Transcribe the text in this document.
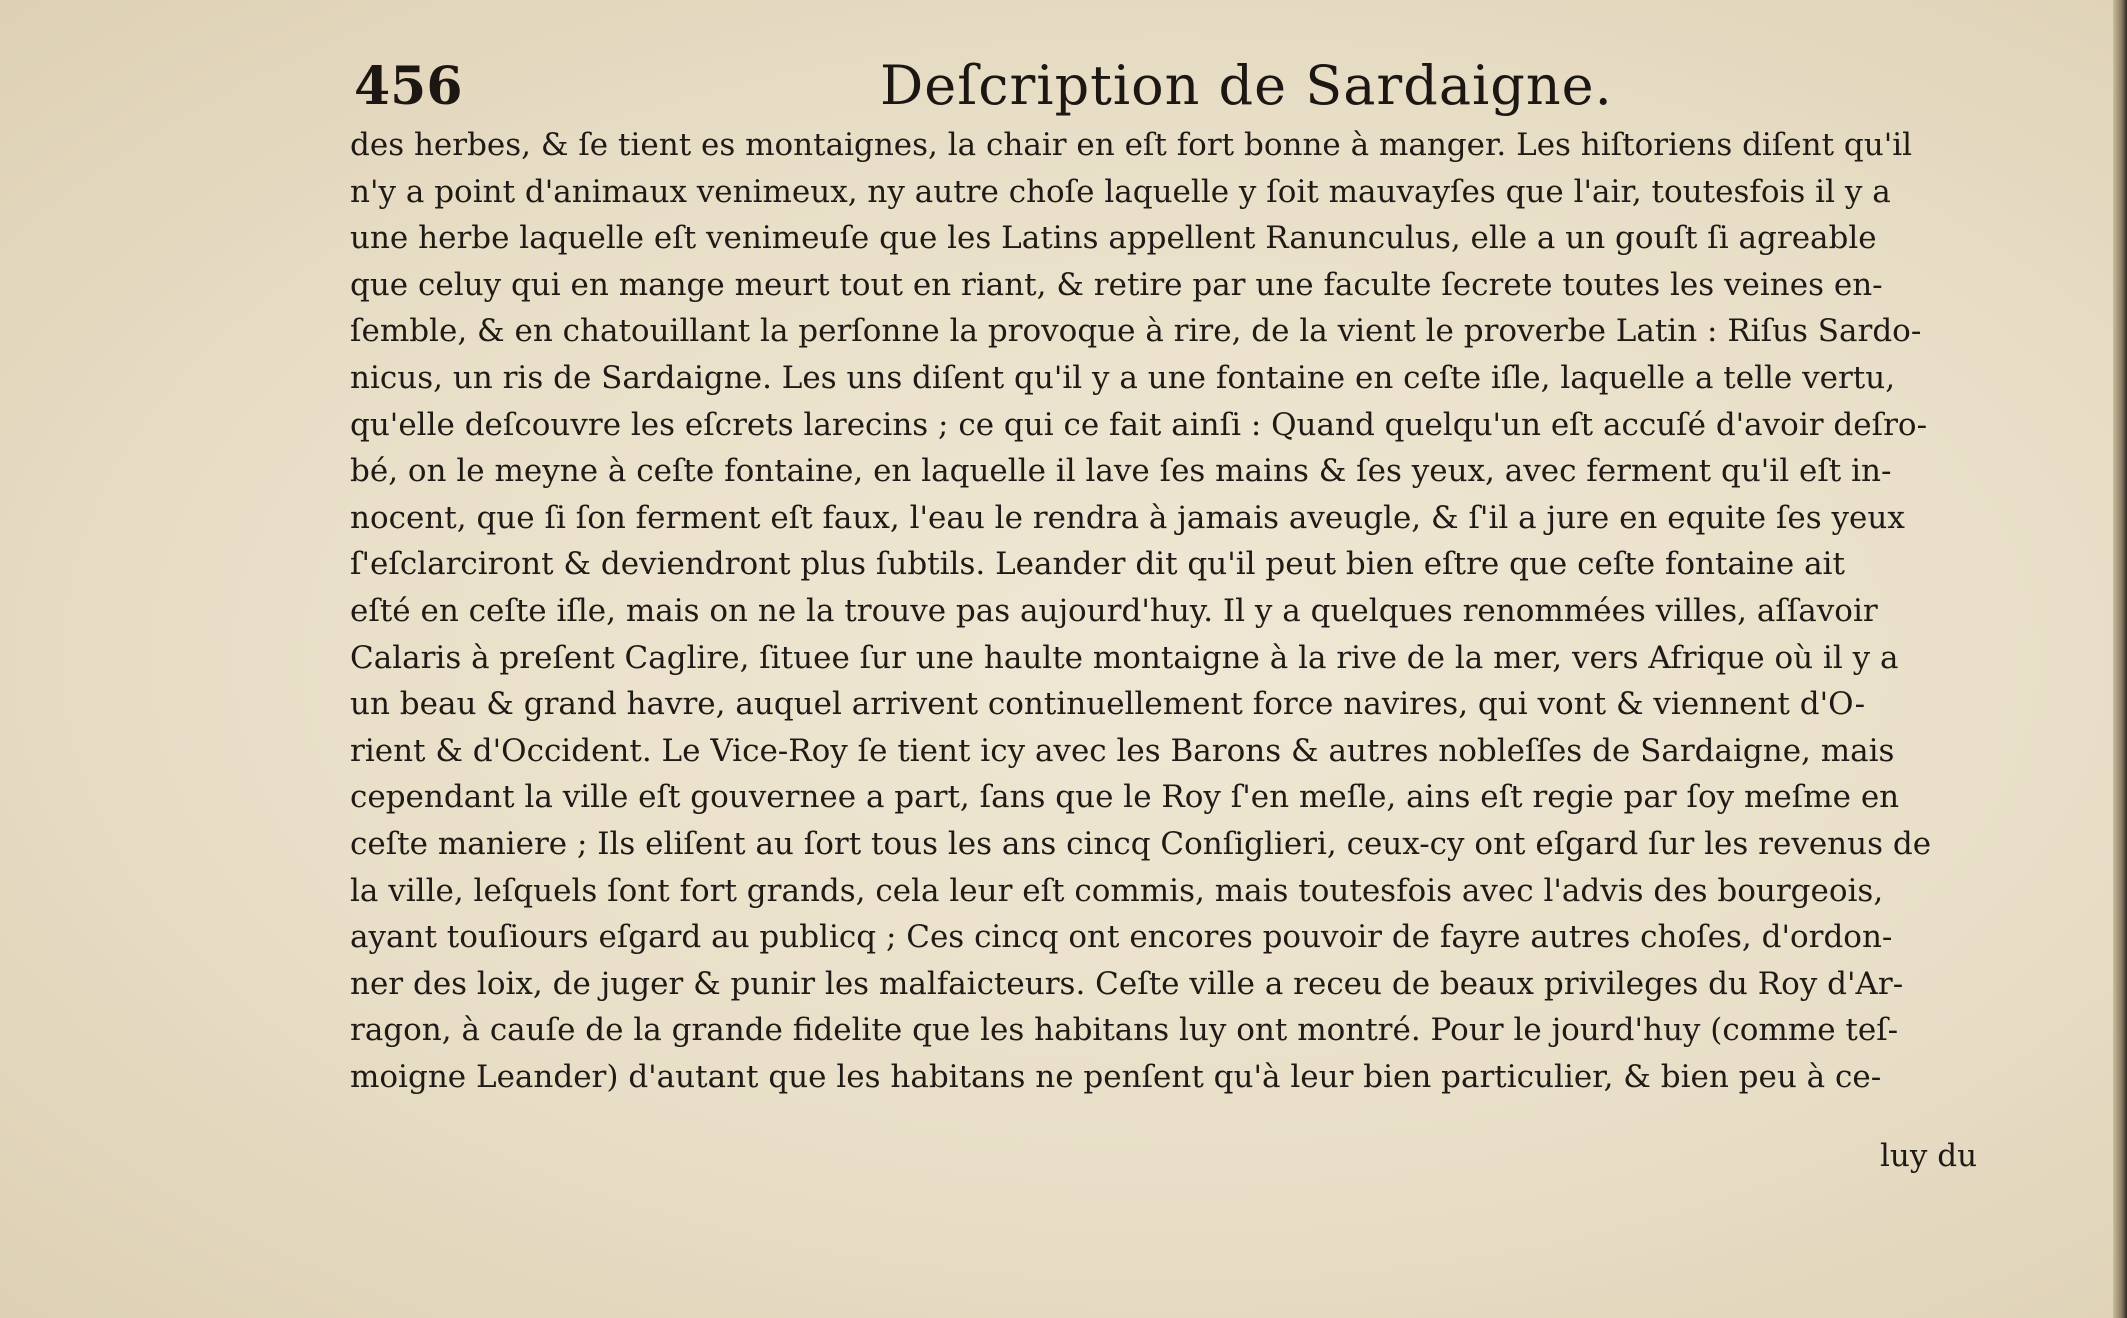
456	Deſcription de Sardaigne.
des herbes, & ſe tient es montaignes, la chair en eſt fort bonne à manger. Les hiſtoriens diſent qu'il
n'y a point d'animaux venimeux, ny autre choſe laquelle y ſoit mauvayſes que l'air, toutesfois il y a
une herbe laquelle eſt venimeuſe que les Latins appellent Ranunculus, elle a un gouſt ſi agreable
que celuy qui en mange meurt tout en riant, & retire par une faculte ſecrete toutes les veines en-
ſemble, & en chatouillant la perſonne la provoque à rire, de la vient le proverbe Latin : Riſus Sardo-
nicus, un ris de Sardaigne. Les uns diſent qu'il y a une fontaine en ceſte iſle, laquelle a telle vertu,
qu'elle deſcouvre les eſcrets larecins ; ce qui ce fait ainſi : Quand quelqu'un eſt accuſé d'avoir deſro-
bé, on le meyne à ceſte fontaine, en laquelle il lave ſes mains & ſes yeux, avec ferment qu'il eſt in-
nocent, que ſi ſon ferment eſt faux, l'eau le rendra à jamais aveugle, & ſ'il a jure en equite ſes yeux
ſ'eſclarciront & deviendront plus ſubtils. Leander dit qu'il peut bien eſtre que ceſte fontaine ait
eſté en ceſte iſle, mais on ne la trouve pas aujourd'huy. Il y a quelques renommées villes, aſſavoir
Calaris à preſent Caglire, ſituee ſur une haulte montaigne à la rive de la mer, vers Afrique où il y a
un beau & grand havre, auquel arrivent continuellement force navires, qui vont & viennent d'O-
rient & d'Occident. Le Vice-Roy ſe tient icy avec les Barons & autres nobleſſes de Sardaigne, mais
cependant la ville eſt gouvernee a part, ſans que le Roy ſ'en meſle, ains eſt regie par ſoy meſme en
ceſte maniere ; Ils eliſent au ſort tous les ans cincq Conſiglieri, ceux-cy ont eſgard ſur les revenus de
la ville, leſquels ſont fort grands, cela leur eſt commis, mais toutesfois avec l'advis des bourgeois,
ayant touſiours eſgard au publicq ; Ces cincq ont encores pouvoir de fayre autres choſes, d'ordon-
ner des loix, de juger & punir les malfaicteurs. Ceſte ville a receu de beaux privileges du Roy d'Ar-
ragon, à cauſe de la grande fidelite que les habitans luy ont montré. Pour le jourd'huy (comme teſ-
moigne Leander) d'autant que les habitans ne penſent qu'à leur bien particulier, & bien peu à ce-
luy du
